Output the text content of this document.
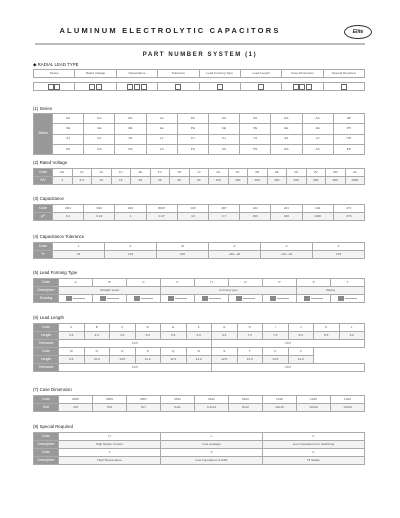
ALUMINUM ELECTROLYTIC CAPACITORS	Elite
PART NUMBER SYSTEM (1)
◆ RADIAL LEAD TYPE
Series	Rated Voltage	Capacitance	Tolerance	Lead Forming Type	Lead Length	Case Dimension	Special Required

(1) Series
Series	SA	GA	RA	LA	PA	KA	HA	EA	AA	NP
	SE	GE	RE	LE	PE	KE	HE	EE	AE	PH
	SJ	GJ	RJ	LJ	PJ	KJ	HJ	EJ	AJ	HH
	SS	GS	RS	LS	PS	KS	HS	ES	AS	EH
(2) Rated Voltage
Code	0G	0J	1A	1C	1E	1V	1H	1J	2A	2C	2D	2E	2G	2V	2W	3A
WV	4	6.3	10	16	25	35	50	63	100	160	200	250	400	350	450	1000
(3) Capacitance
Code	0R1	R22	010	0R47	100	4R7	101	221	102	471
μF	0.1	0.22	1	0.47	10	4.7	100	220	1000	470
(4) Capacitance Tolerance
Code	J	K	M	Z	V	X
%	±5	±10	±20	+80~-20	+20~-10	±15
(5) Lead Forming Type
Code	A	B	C	F	H	N	P	S	T
Description	Straight Lead			Forming type				Taping	
Drawing									
(6) Lead Length
Code	A	B	C	D	E	F	G	H	I	J	K	L
Length	3.5	4.0	4.5	5.0	5.5	6.0	6.5	7.0	7.5	8.0	8.5	9.0
Tolerance	±0.5						±0.5					
Code	M	N	O	P	Q	R	S	T	U	V		
Length	9.5	10.0	10.5	11.0	11.5	12.0	12.5	13.0	13.5	14.0		
Tolerance	±0.5						±0.5					
(7) Case Dimension
Code	0405	0505	0507	0511	0611	0812	1016	1020	1320
Size	4x5	5x5	5x7	5x11	6.3x11	8x12	10x16	10x20	13x20
(8) Special Required
Code	H	L	F
Description	High Ripple Current	Low Leakage	Low Impedance For Switching
Code	T	S	K
Description	High Temperature	Low Impedance & ESR	Hi Stable
